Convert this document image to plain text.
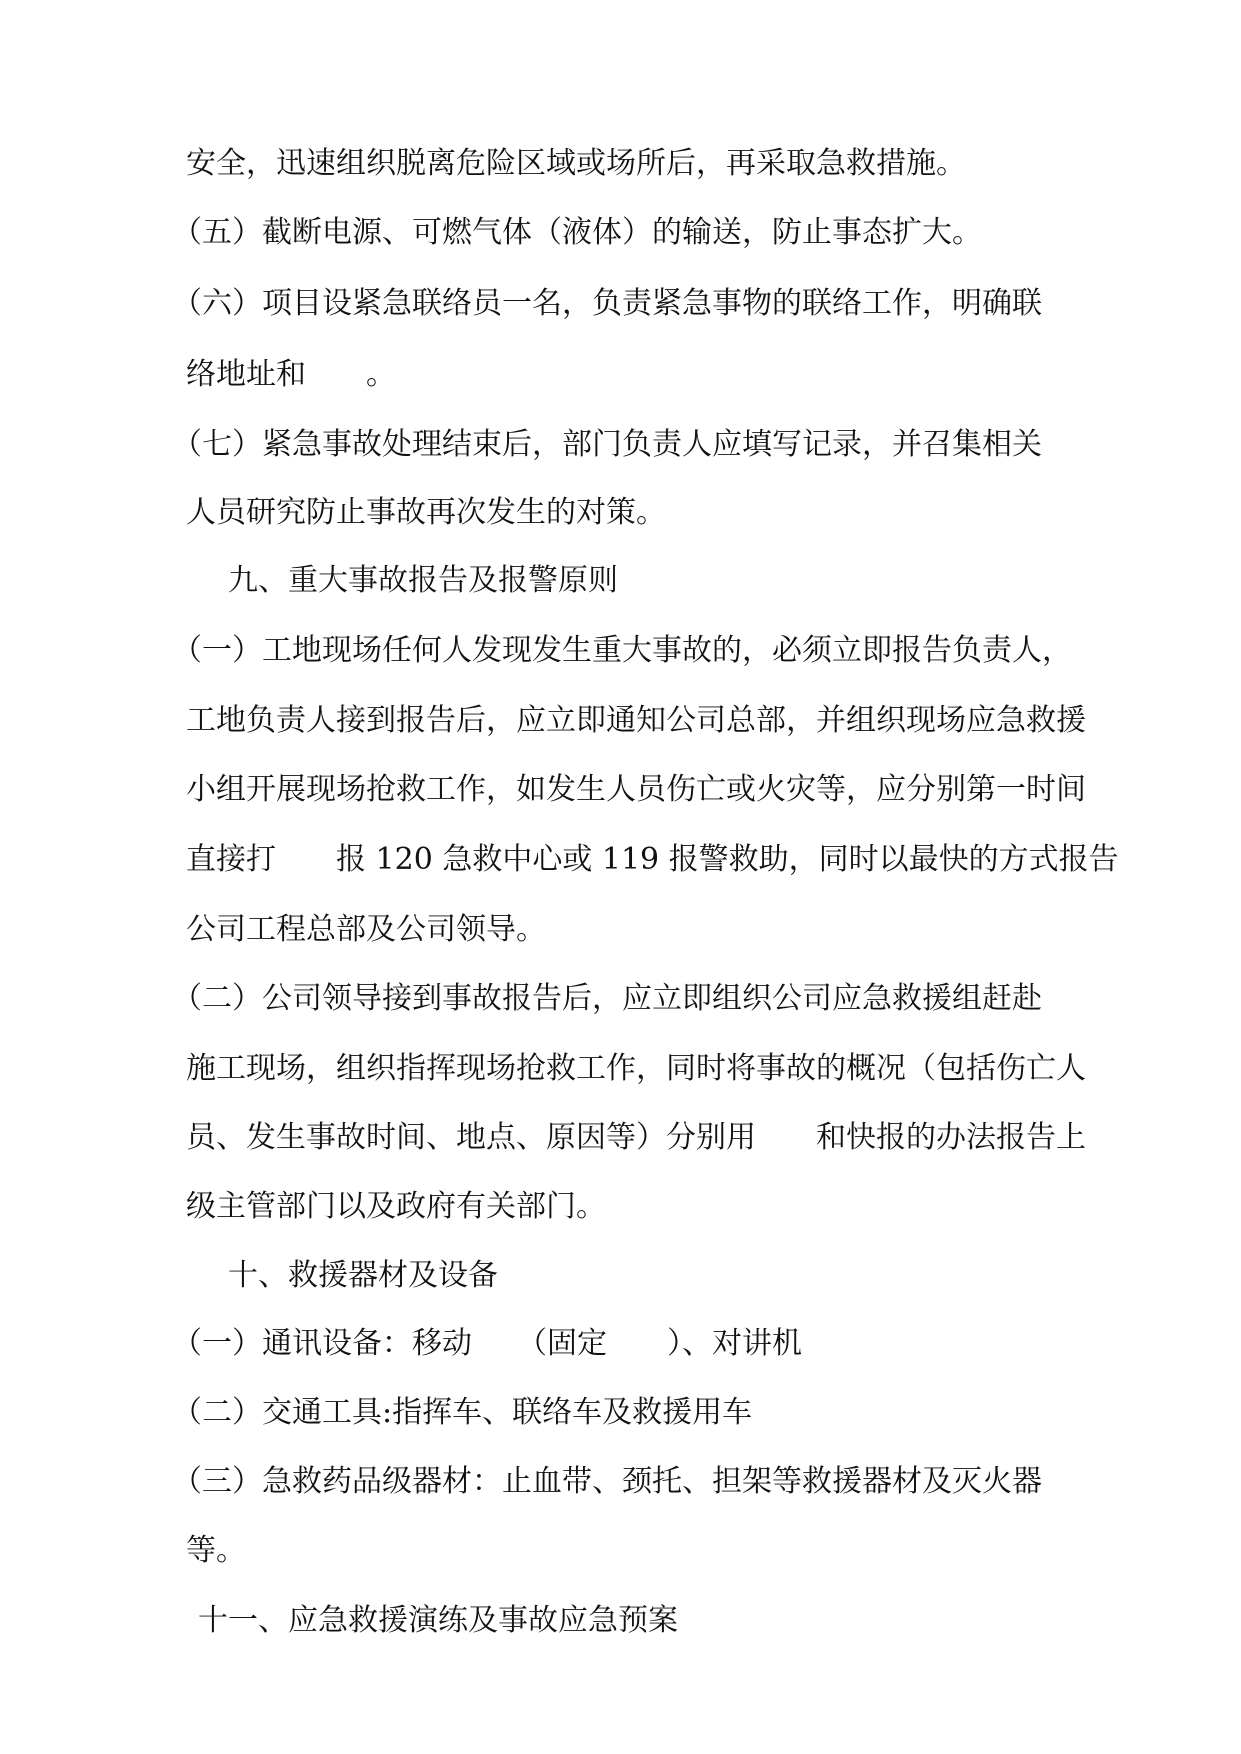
安全，迅速组织脱离危险区域或场所后，再采取急救措施。
（五）截断电源、可燃气体（液体）的输送，防止事态扩大。
（六）项目设紧急联络员一名，负责紧急事物的联络工作，明确联
络地址和　　。
（七）紧急事故处理结束后，部门负责人应填写记录，并召集相关
人员研究防止事故再次发生的对策。
九、重大事故报告及报警原则
（一）工地现场任何人发现发生重大事故的，必须立即报告负责人，
工地负责人接到报告后，应立即通知公司总部，并组织现场应急救援
小组开展现场抢救工作，如发生人员伤亡或火灾等，应分别第一时间
直接打　　报 120 急救中心或 119 报警救助，同时以最快的方式报告
公司工程总部及公司领导。
（二）公司领导接到事故报告后，应立即组织公司应急救援组赶赴
施工现场，组织指挥现场抢救工作，同时将事故的概况（包括伤亡人
员、发生事故时间、地点、原因等）分别用　　和快报的办法报告上
级主管部门以及政府有关部门。
十、救援器材及设备
（一）通讯设备：移动　　（固定　　）、对讲机
（二）交通工具:指挥车、联络车及救援用车
（三）急救药品级器材：止血带、颈托、担架等救援器材及灭火器
等。
十一、应急救援演练及事故应急预案
